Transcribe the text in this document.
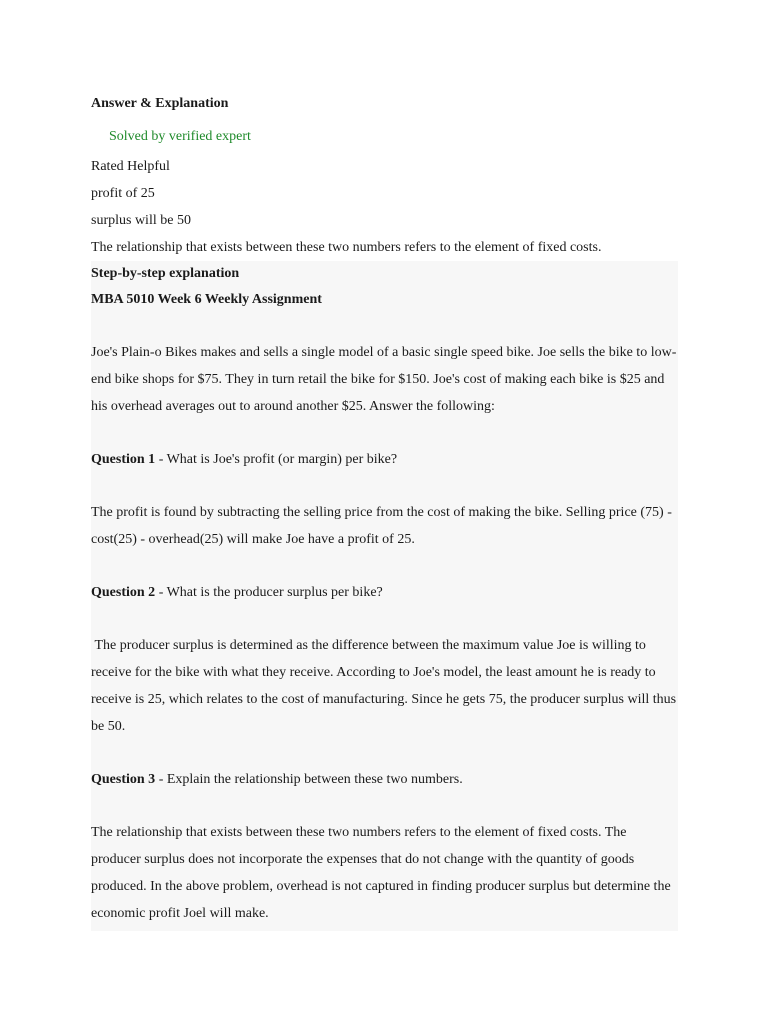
Answer & Explanation
Solved by verified expert
Rated Helpful
profit of 25
surplus will be 50
The relationship that exists between these two numbers refers to the element of fixed costs.
Step-by-step explanation
MBA 5010 Week 6 Weekly Assignment

Joe's Plain-o Bikes makes and sells a single model of a basic single speed bike. Joe sells the bike to low-end bike shops for $75. They in turn retail the bike for $150. Joe's cost of making each bike is $25 and his overhead averages out to around another $25. Answer the following:

Question 1 - What is Joe's profit (or margin) per bike?

The profit is found by subtracting the selling price from the cost of making the bike. Selling price (75) - cost(25) - overhead(25) will make Joe have a profit of 25.

Question 2 - What is the producer surplus per bike?

The producer surplus is determined as the difference between the maximum value Joe is willing to receive for the bike with what they receive. According to Joe's model, the least amount he is ready to receive is 25, which relates to the cost of manufacturing. Since he gets 75, the producer surplus will thus be 50.

Question 3 - Explain the relationship between these two numbers.

The relationship that exists between these two numbers refers to the element of fixed costs. The producer surplus does not incorporate the expenses that do not change with the quantity of goods produced. In the above problem, overhead is not captured in finding producer surplus but determine the economic profit Joel will make.
